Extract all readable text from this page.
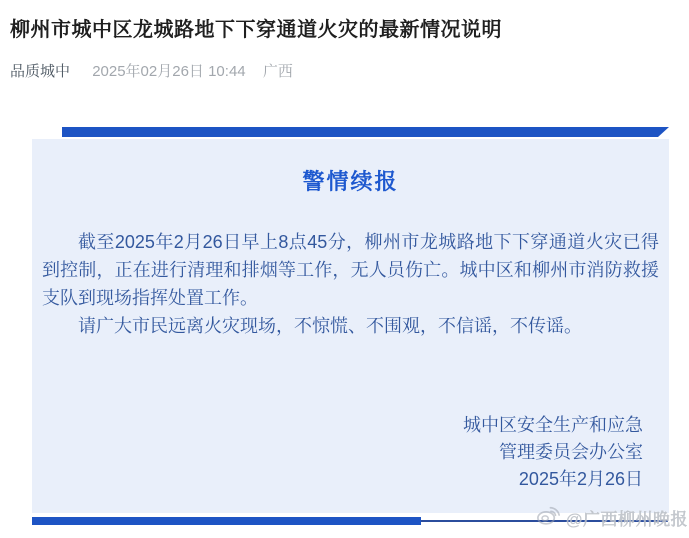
柳州市城中区龙城路地下下穿通道火灾的最新情况说明
品质城中 2025年02月26日 10:44 广西
警情续报

截至2025年2月26日早上8点45分，柳州市龙城路地下下穿通道火灾已得到控制，正在进行清理和排烟等工作，无人员伤亡。城中区和柳州市消防救援支队到现场指挥处置工作。

请广大市民远离火灾现场，不惊慌、不围观，不信谣，不传谣。

城中区安全生产和应急
管理委员会办公室
2025年2月26日
@广西柳州晚报
